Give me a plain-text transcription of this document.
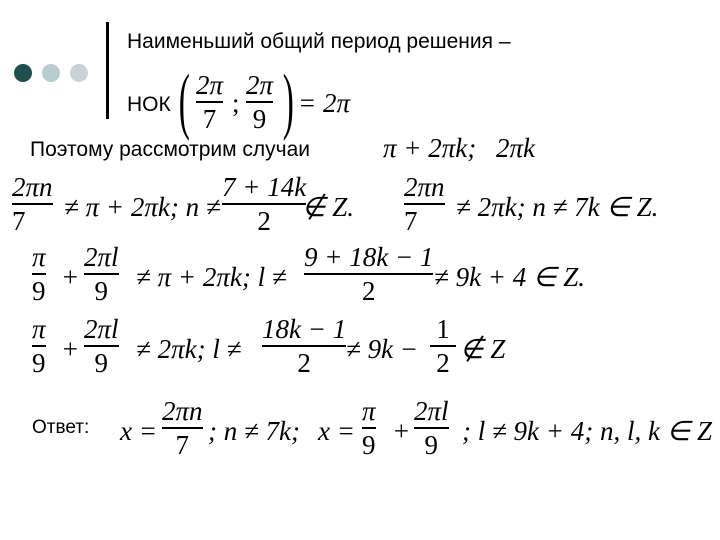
Наименьший общий период решения –
НОК ( 2π
7
;
2π
9 ) = 2π
Поэтому рассмотрим случаи	π + 2πk; 2πk
2πn
7 ≠ π + 2πk; n ≠
7 + 14k
2 ∉ Z.
2πn
7 ≠ 2πk; n ≠ 7k ∈ Z.
π
9 +
2πl
9 ≠ π + 2πk; l ≠
9 + 18k − 1
2 ≠ 9k + 4 ∈ Z.
π
9 +
2πl
9 ≠ 2πk; l ≠
18k − 1
2 ≠ 9k −
1
2 ∉ Z
Ответ: x =
2πn
7 ; n ≠ 7k; x =
π
9 +
2πl
9 ; l ≠ 9k + 4; n, l, k ∈ Z
